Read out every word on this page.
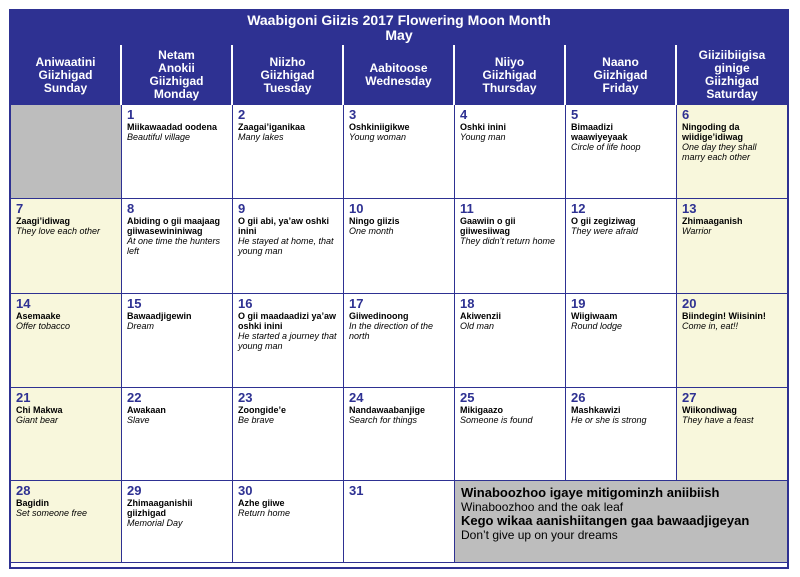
Waabigoni Giizis 2017 Flowering Moon Month
May
Aniwaatini
Giizhigad
Sunday
Netam
Anokii
Giizhigad
Monday
Niizho
Giizhigad
Tuesday
Aabitoose
Wednesday
Niiyo
Giizhigad
Thursday
Naano
Giizhigad
Friday
Giiziibiigisa
ginige
Giizhigad
Saturday
1
Miikawaadad oodena
Beautiful village
2
Zaagai’iganikaa
Many lakes
3
Oshkiniigikwe
Young woman
4
Oshki inini
Young man
5
Bimaadizi waawiyeyaak
Circle of life hoop
6
Ningoding da wiidige’idiwag
One day they shall marry each other
7
Zaagi’idiwag
They love each other
8
Abiding o gii maajaag giiwasewininiwag
At one time the hunters left
9
O gii abi, ya’aw oshki inini
He stayed at home, that young man
10
Ningo giizis
One month
11
Gaawiin o gii giiwesiiwag
They didn’t return home
12
O gii zegiziwag
They were afraid
13
Zhimaaganish
Warrior
14
Asemaake
Offer tobacco
15
Bawaadjigewin
Dream
16
O gii maadaadizi ya’aw oshki inini
He started a journey that young man
17
Giiwedinoong
In the direction of the north
18
Akiwenzii
Old man
19
Wiigiwaam
Round lodge
20
Biindegin! Wiisinin!
Come in, eat!!
21
Chi Makwa
Giant bear
22
Awakaan
Slave
23
Zoongide’e
Be brave
24
Nandawaabanjige
Search for things
25
Mikigaazo
Someone is found
26
Mashkawizi
He or she is strong
27
Wiikondiwag
They have a feast
28
Bagidin
Set someone free
29
Zhimaaganishii giizhigad
Memorial Day
30
Azhe giiwe
Return home
31	Winaboozhoo igaye mitigominzh aniibiish
Winaboozhoo and the oak leaf
Kego wikaa aanishiitangen gaa bawaadjigeyan
Don’t give up on your dreams
